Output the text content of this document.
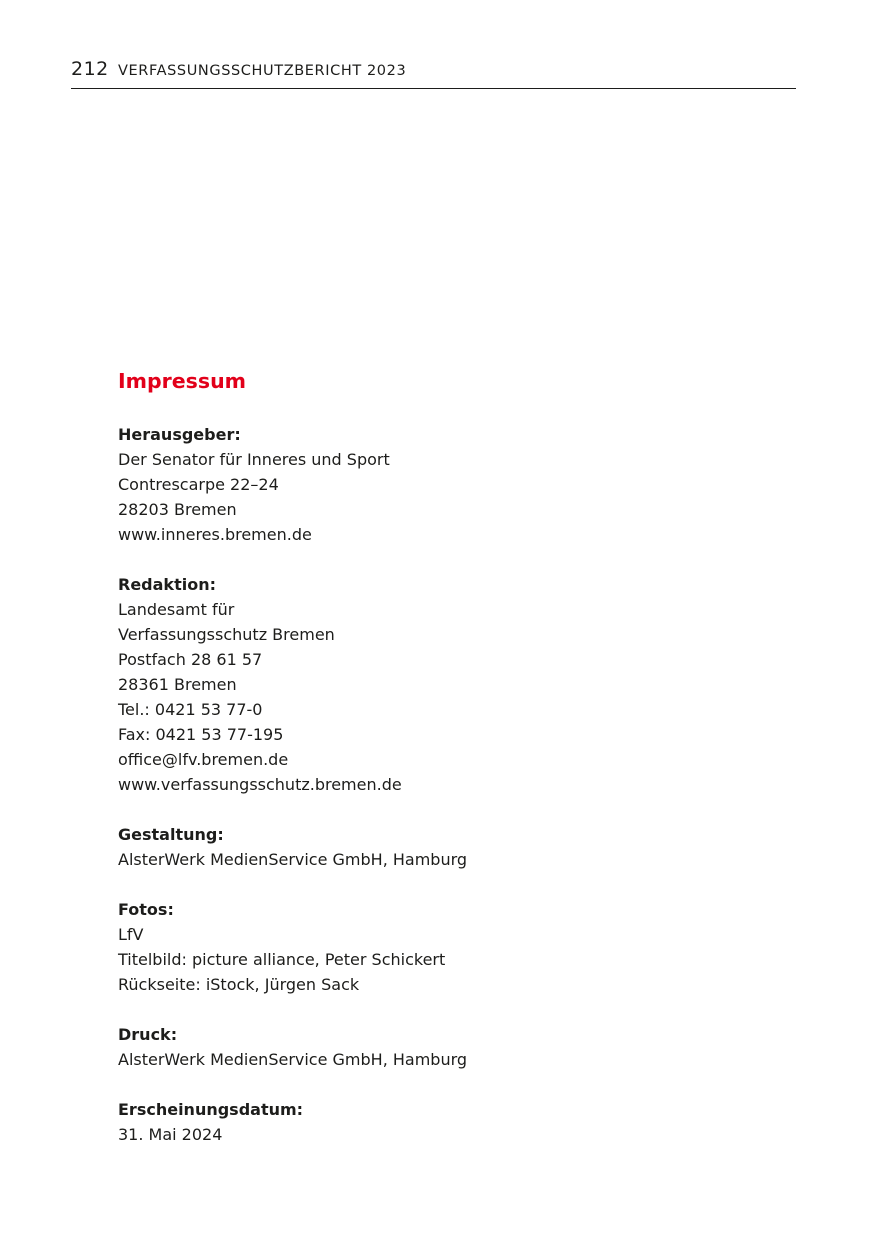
212 VERFASSUNGSSCHUTZBERICHT 2023
Impressum
Herausgeber:
Der Senator für Inneres und Sport
Contrescarpe 22–24
28203 Bremen
www.inneres.bremen.de
Redaktion:
Landesamt für
Verfassungsschutz Bremen
Postfach 28 61 57
28361 Bremen
Tel.: 0421 53 77-0
Fax: 0421 53 77-195
office@lfv.bremen.de
www.verfassungsschutz.bremen.de
Gestaltung:
AlsterWerk MedienService GmbH, Hamburg
Fotos:
LfV
Titelbild: picture alliance, Peter Schickert
Rückseite: iStock, Jürgen Sack
Druck:
AlsterWerk MedienService GmbH, Hamburg
Erscheinungsdatum:
31. Mai 2024
